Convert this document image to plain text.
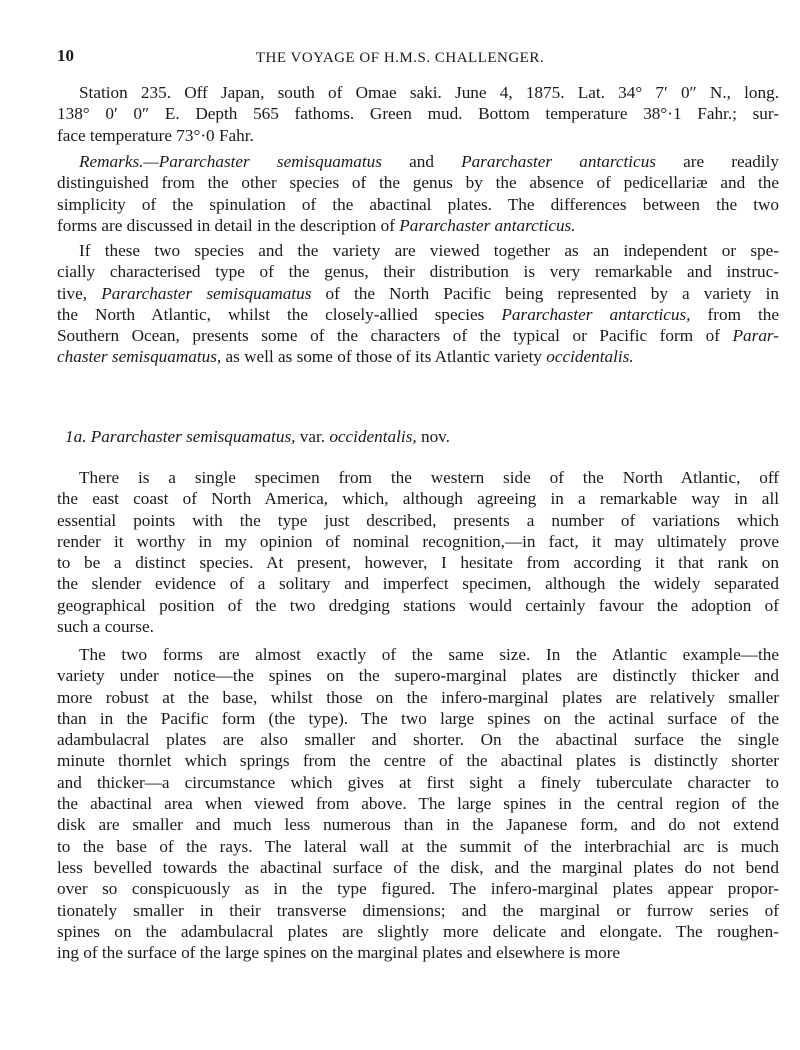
10	THE VOYAGE OF H.M.S. CHALLENGER.
Station 235. Off Japan, south of Omae saki. June 4, 1875. Lat. 34° 7′ 0″ N., long.
138° 0′ 0″ E. Depth 565 fathoms. Green mud. Bottom temperature 38°·1 Fahr.; sur-
face temperature 73°·0 Fahr.
Remarks.—Pararchaster semisquamatus and Pararchaster antarcticus are readily
distinguished from the other species of the genus by the absence of pedicellariæ and the
simplicity of the spinulation of the abactinal plates. The differences between the two
forms are discussed in detail in the description of Pararchaster antarcticus.
If these two species and the variety are viewed together as an independent or spe-
cially characterised type of the genus, their distribution is very remarkable and instruc-
tive, Pararchaster semisquamatus of the North Pacific being represented by a variety in
the North Atlantic, whilst the closely-allied species Pararchaster antarcticus, from the
Southern Ocean, presents some of the characters of the typical or Pacific form of Parar-
chaster semisquamatus, as well as some of those of its Atlantic variety occidentalis.
1a. Pararchaster semisquamatus, var. occidentalis, nov.
There is a single specimen from the western side of the North Atlantic, off
the east coast of North America, which, although agreeing in a remarkable way in all
essential points with the type just described, presents a number of variations which
render it worthy in my opinion of nominal recognition,—in fact, it may ultimately prove
to be a distinct species. At present, however, I hesitate from according it that rank on
the slender evidence of a solitary and imperfect specimen, although the widely separated
geographical position of the two dredging stations would certainly favour the adoption of
such a course.
The two forms are almost exactly of the same size. In the Atlantic example—the
variety under notice—the spines on the supero-marginal plates are distinctly thicker and
more robust at the base, whilst those on the infero-marginal plates are relatively smaller
than in the Pacific form (the type). The two large spines on the actinal surface of the
adambulacral plates are also smaller and shorter. On the abactinal surface the single
minute thornlet which springs from the centre of the abactinal plates is distinctly shorter
and thicker—a circumstance which gives at first sight a finely tuberculate character to
the abactinal area when viewed from above. The large spines in the central region of the
disk are smaller and much less numerous than in the Japanese form, and do not extend
to the base of the rays. The lateral wall at the summit of the interbrachial arc is much
less bevelled towards the abactinal surface of the disk, and the marginal plates do not bend
over so conspicuously as in the type figured. The infero-marginal plates appear propor-
tionately smaller in their transverse dimensions; and the marginal or furrow series of
spines on the adambulacral plates are slightly more delicate and elongate. The roughen-
ing of the surface of the large spines on the marginal plates and elsewhere is more
